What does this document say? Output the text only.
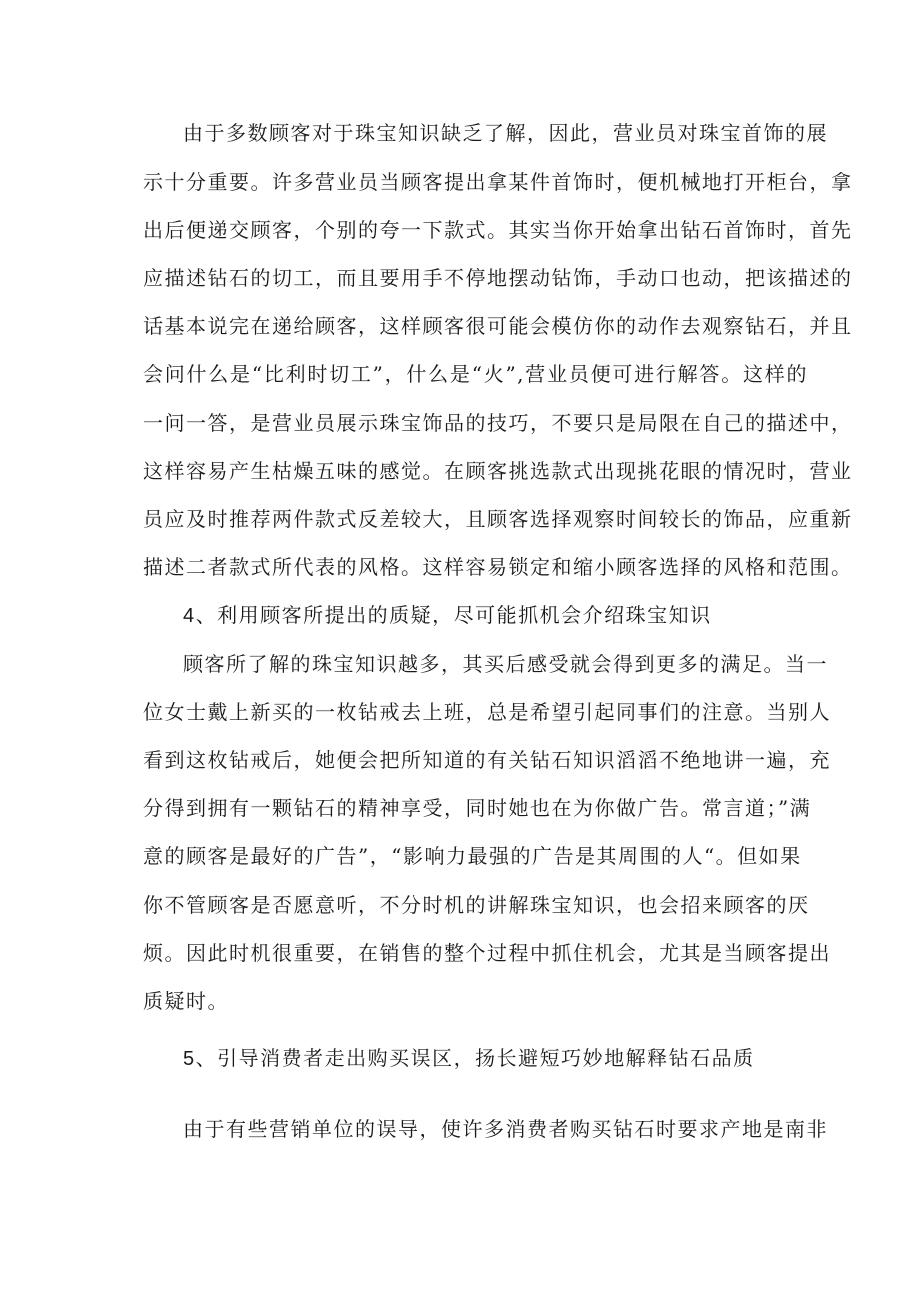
由于多数顾客对于珠宝知识缺乏了解，因此，营业员对珠宝首饰的展
示十分重要。许多营业员当顾客提出拿某件首饰时，便机械地打开柜台，拿
出后便递交顾客，个别的夸一下款式。其实当你开始拿出钻石首饰时，首先
应描述钻石的切工，而且要用手不停地摆动钻饰，手动口也动，把该描述的
话基本说完在递给顾客，这样顾客很可能会模仿你的动作去观察钻石，并且
会问什么是“比利时切工”，什么是“火”,营业员便可进行解答。这样的
一问一答，是营业员展示珠宝饰品的技巧，不要只是局限在自己的描述中，
这样容易产生枯燥五味的感觉。在顾客挑选款式出现挑花眼的情况时，营业
员应及时推荐两件款式反差较大，且顾客选择观察时间较长的饰品，应重新
描述二者款式所代表的风格。这样容易锁定和缩小顾客选择的风格和范围。
4、利用顾客所提出的质疑，尽可能抓机会介绍珠宝知识
顾客所了解的珠宝知识越多，其买后感受就会得到更多的满足。当一
位女士戴上新买的一枚钻戒去上班，总是希望引起同事们的注意。当别人
看到这枚钻戒后，她便会把所知道的有关钻石知识滔滔不绝地讲一遍，充
分得到拥有一颗钻石的精神享受，同时她也在为你做广告。常言道；”满
意的顾客是最好的广告”，“影响力最强的广告是其周围的人“。但如果
你不管顾客是否愿意听，不分时机的讲解珠宝知识，也会招来顾客的厌
烦。因此时机很重要，在销售的整个过程中抓住机会，尤其是当顾客提出
质疑时。
5、引导消费者走出购买误区，扬长避短巧妙地解释钻石品质
由于有些营销单位的误导，使许多消费者购买钻石时要求产地是南非
